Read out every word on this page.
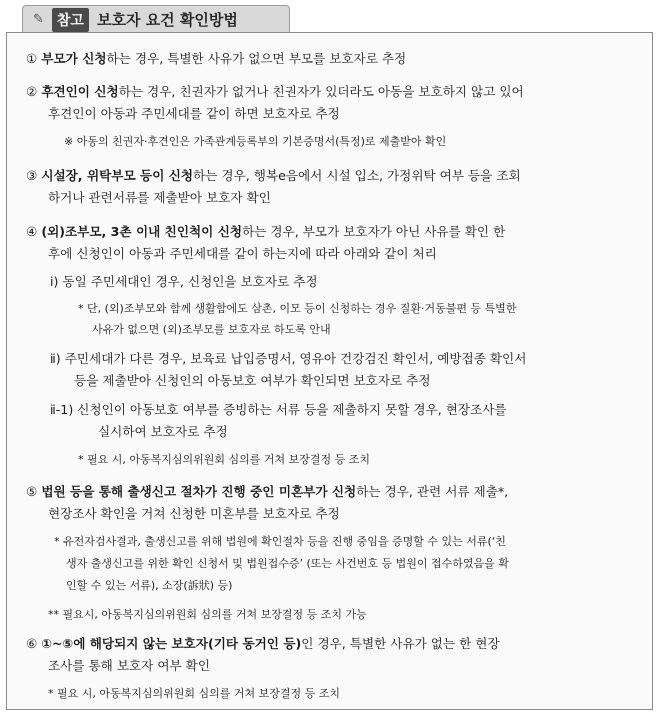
✎ 참고 보호자 요건 확인방법
① 부모가 신청하는 경우, 특별한 사유가 없으면 부모를 보호자로 추정
② 후견인이 신청하는 경우, 친권자가 없거나 친권자가 있더라도 아동을 보호하지 않고 있어
후견인이 아동과 주민세대를 같이 하면 보호자로 추정
※ 아동의 친권자·후견인은 가족관계등록부의 기본증명서(특정)로 제출받아 확인
③ 시설장, 위탁부모 등이 신청하는 경우, 행복e음에서 시설 입소, 가정위탁 여부 등을 조회
하거나 관련서류를 제출받아 보호자 확인
④ (외)조부모, 3촌 이내 친인척이 신청하는 경우, 부모가 보호자가 아닌 사유를 확인 한
후에 신청인이 아동과 주민세대를 같이 하는지에 따라 아래와 같이 처리
ⅰ) 동일 주민세대인 경우, 신청인을 보호자로 추정
* 단, (외)조부모와 함께 생활함에도 삼촌, 이모 등이 신청하는 경우 질환·거동불편 등 특별한
사유가 없으면 (외)조부모를 보호자로 하도록 안내
ⅱ) 주민세대가 다른 경우, 보육료 납입증명서, 영유아 건강검진 확인서, 예방접종 확인서
등을 제출받아 신청인의 아동보호 여부가 확인되면 보호자로 추정
ⅱ-1) 신청인이 아동보호 여부를 증빙하는 서류 등을 제출하지 못할 경우, 현장조사를
실시하여 보호자로 추정
* 필요 시, 아동복지심의위원회 심의를 거쳐 보장결정 등 조치
⑤ 법원 등을 통해 출생신고 절차가 진행 중인 미혼부가 신청하는 경우, 관련 서류 제출*,
현장조사 확인을 거쳐 신청한 미혼부를 보호자로 추정
* 유전자검사결과, 출생신고를 위해 법원에 확인절차 등을 진행 중임을 증명할 수 있는 서류(‘친
생자 출생신고를 위한 확인 신청서 및 법원접수증’ (또는 사건번호 등 법원이 접수하였음을 확
인할 수 있는 서류), 소장(訴狀) 등)
** 필요시, 아동복지심의위원회 심의를 거쳐 보장결정 등 조치 가능
⑥ ①~⑤에 해당되지 않는 보호자(기타 동거인 등)인 경우, 특별한 사유가 없는 한 현장
조사를 통해 보호자 여부 확인
* 필요 시, 아동복지심의위원회 심의를 거쳐 보장결정 등 조치
